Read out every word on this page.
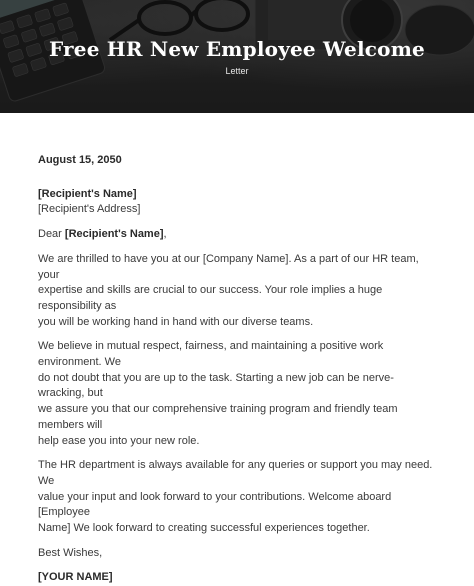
Free HR New Employee Welcome
Letter

August 15, 2050

[Recipient's Name]

[Recipient's Address]

Dear [Recipient's Name],

We are thrilled to have you at our [Company Name]. As a part of our HR team, your

expertise and skills are crucial to our success. Your role implies a huge responsibility as

you will be working hand in hand with our diverse teams.

We believe in mutual respect, fairness, and maintaining a positive work environment. We

do not doubt that you are up to the task. Starting a new job can be nerve-wracking, but

we assure you that our comprehensive training program and friendly team members will

help ease you into your new role.

The HR department is always available for any queries or support you may need. We

value your input and look forward to your contributions. Welcome aboard [Employee

Name] We look forward to creating successful experiences together.

Best Wishes,

[YOUR NAME]
